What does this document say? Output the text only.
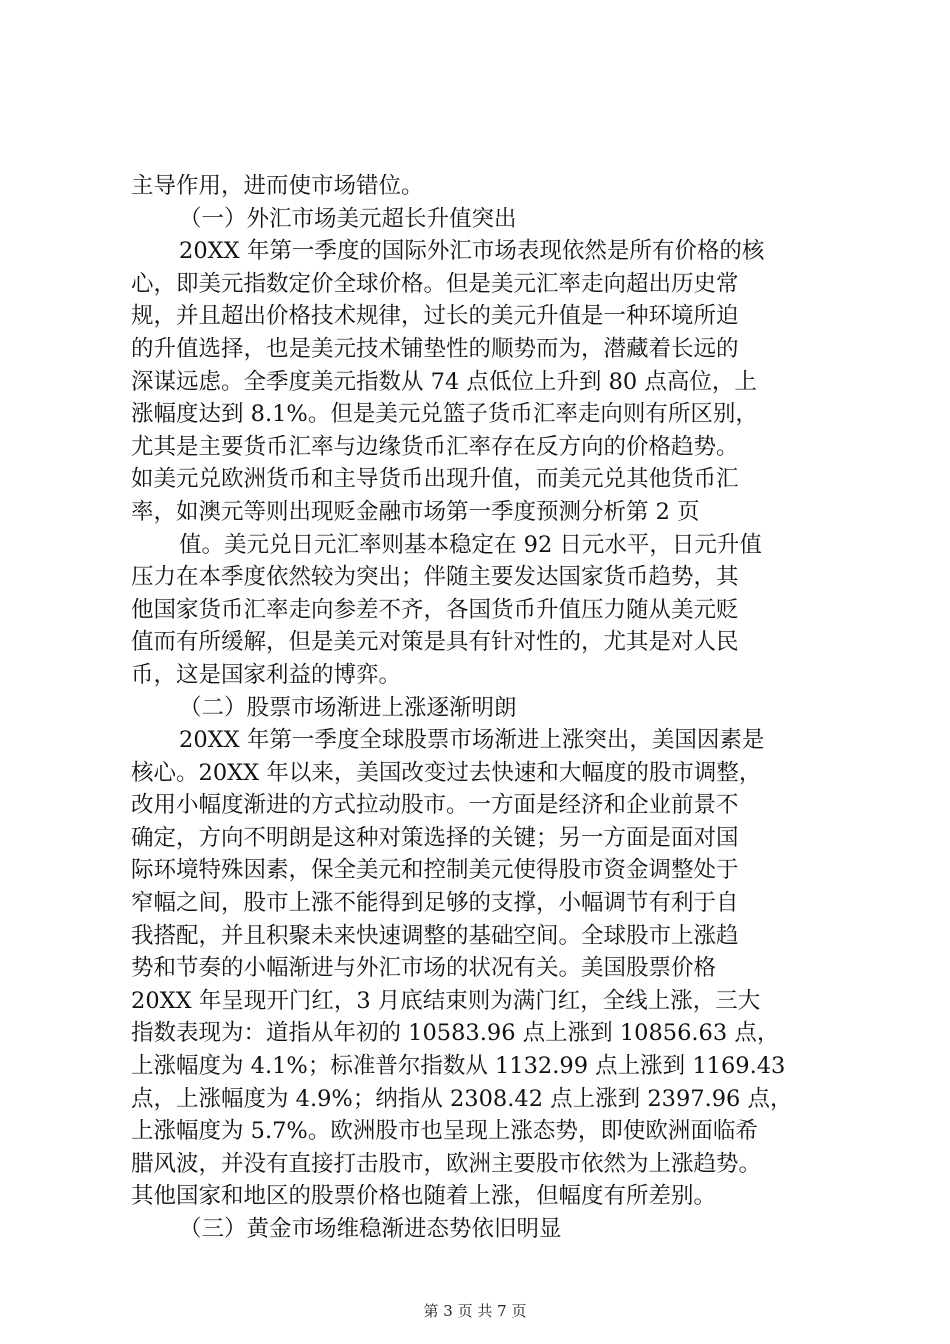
主导作用，进而使市场错位。
（一）外汇市场美元超长升值突出
20XX 年第一季度的国际外汇市场表现依然是所有价格的核
心，即美元指数定价全球价格。但是美元汇率走向超出历史常
规，并且超出价格技术规律，过长的美元升值是一种环境所迫
的升值选择，也是美元技术铺垫性的顺势而为，潜藏着长远的
深谋远虑。全季度美元指数从 74 点低位上升到 80 点高位，上
涨幅度达到 8.1%。但是美元兑篮子货币汇率走向则有所区别，
尤其是主要货币汇率与边缘货币汇率存在反方向的价格趋势。
如美元兑欧洲货币和主导货币出现升值，而美元兑其他货币汇
率，如澳元等则出现贬金融市场第一季度预测分析第 2 页
值。美元兑日元汇率则基本稳定在 92 日元水平，日元升值
压力在本季度依然较为突出；伴随主要发达国家货币趋势，其
他国家货币汇率走向参差不齐，各国货币升值压力随从美元贬
值而有所缓解，但是美元对策是具有针对性的，尤其是对人民
币，这是国家利益的博弈。
（二）股票市场渐进上涨逐渐明朗
20XX 年第一季度全球股票市场渐进上涨突出，美国因素是
核心。20XX 年以来，美国改变过去快速和大幅度的股市调整，
改用小幅度渐进的方式拉动股市。一方面是经济和企业前景不
确定，方向不明朗是这种对策选择的关键；另一方面是面对国
际环境特殊因素，保全美元和控制美元使得股市资金调整处于
窄幅之间，股市上涨不能得到足够的支撑，小幅调节有利于自
我搭配，并且积聚未来快速调整的基础空间。全球股市上涨趋
势和节奏的小幅渐进与外汇市场的状况有关。美国股票价格
20XX 年呈现开门红，3 月底结束则为满门红，全线上涨，三大
指数表现为：道指从年初的 10583.96 点上涨到 10856.63 点，
上涨幅度为 4.1%；标准普尔指数从 1132.99 点上涨到 1169.43
点，上涨幅度为 4.9%；纳指从 2308.42 点上涨到 2397.96 点，
上涨幅度为 5.7%。欧洲股市也呈现上涨态势，即使欧洲面临希
腊风波，并没有直接打击股市，欧洲主要股市依然为上涨趋势。
其他国家和地区的股票价格也随着上涨，但幅度有所差别。
（三）黄金市场维稳渐进态势依旧明显
第 3 页 共 7 页
